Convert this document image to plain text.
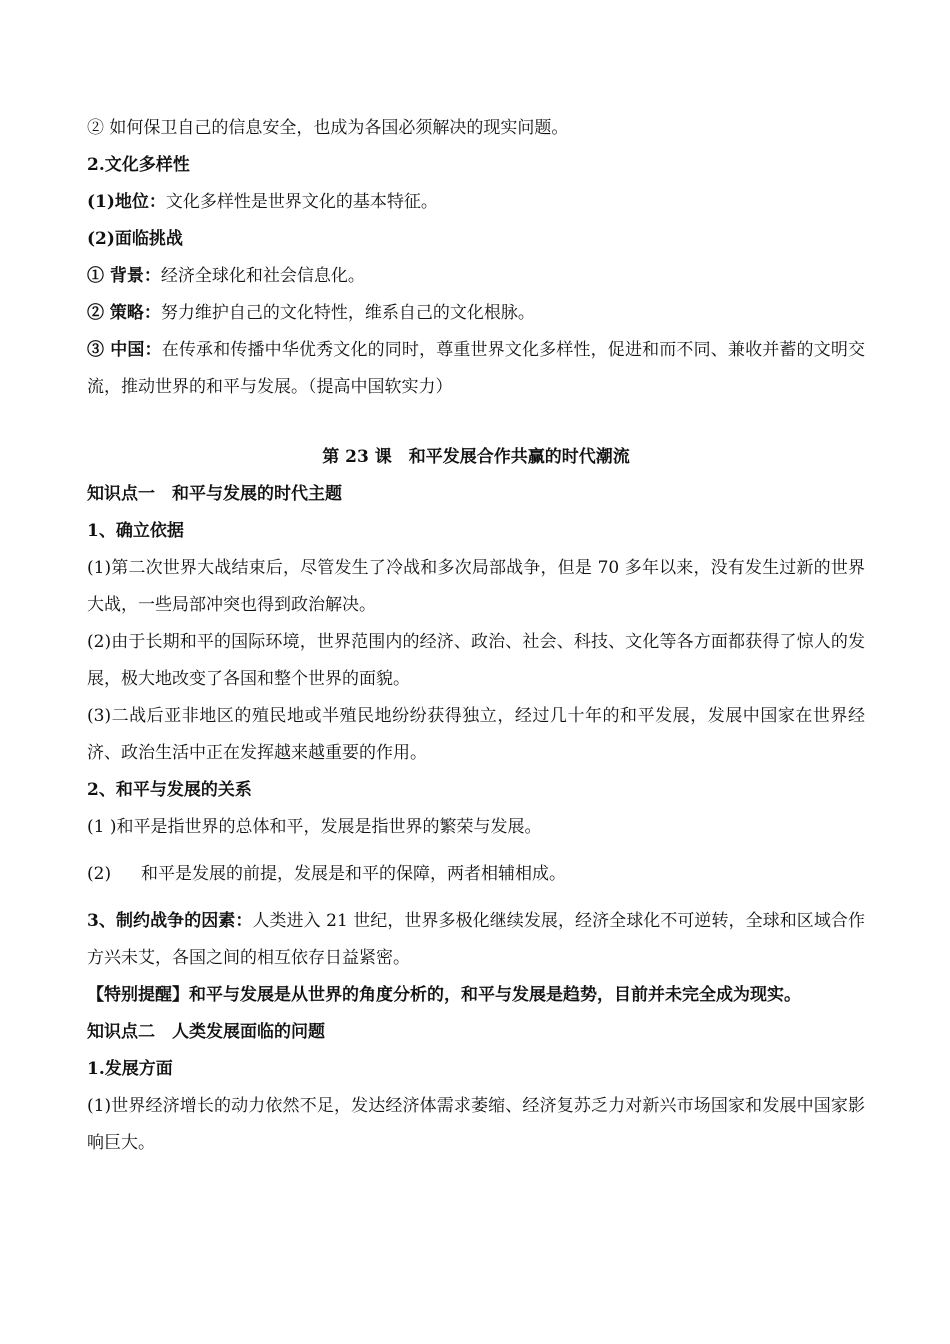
② 如何保卫自己的信息安全，也成为各国必须解决的现实问题。

2.文化多样性

(1)地位：文化多样性是世界文化的基本特征。

(2)面临挑战

① 背景：经济全球化和社会信息化。

② 策略：努力维护自己的文化特性，维系自己的文化根脉。

③ 中国：在传承和传播中华优秀文化的同时，尊重世界文化多样性，促进和而不同、兼收并蓄的文明交流，推动世界的和平与发展。（提高中国软实力）

第 23 课　和平发展合作共赢的时代潮流

知识点一　和平与发展的时代主题

1、确立依据

(1)第二次世界大战结束后，尽管发生了冷战和多次局部战争，但是 70 多年以来，没有发生过新的世界大战，一些局部冲突也得到政治解决。

(2)由于长期和平的国际环境，世界范围内的经济、政治、社会、科技、文化等各方面都获得了惊人的发展，极大地改变了各国和整个世界的面貌。

(3)二战后亚非地区的殖民地或半殖民地纷纷获得独立，经过几十年的和平发展，发展中国家在世界经济、政治生活中正在发挥越来越重要的作用。

2、和平与发展的关系

(1 )和平是指世界的总体和平，发展是指世界的繁荣与发展。

(2) 和平是发展的前提，发展是和平的保障，两者相辅相成。

3、制约战争的因素：人类进入 21 世纪，世界多极化继续发展，经济全球化不可逆转，全球和区域合作方兴未艾，各国之间的相互依存日益紧密。

【特别提醒】和平与发展是从世界的角度分析的，和平与发展是趋势，目前并未完全成为现实。

知识点二　人类发展面临的问题

1.发展方面

(1)世界经济增长的动力依然不足，发达经济体需求萎缩、经济复苏乏力对新兴市场国家和发展中国家影响巨大。
